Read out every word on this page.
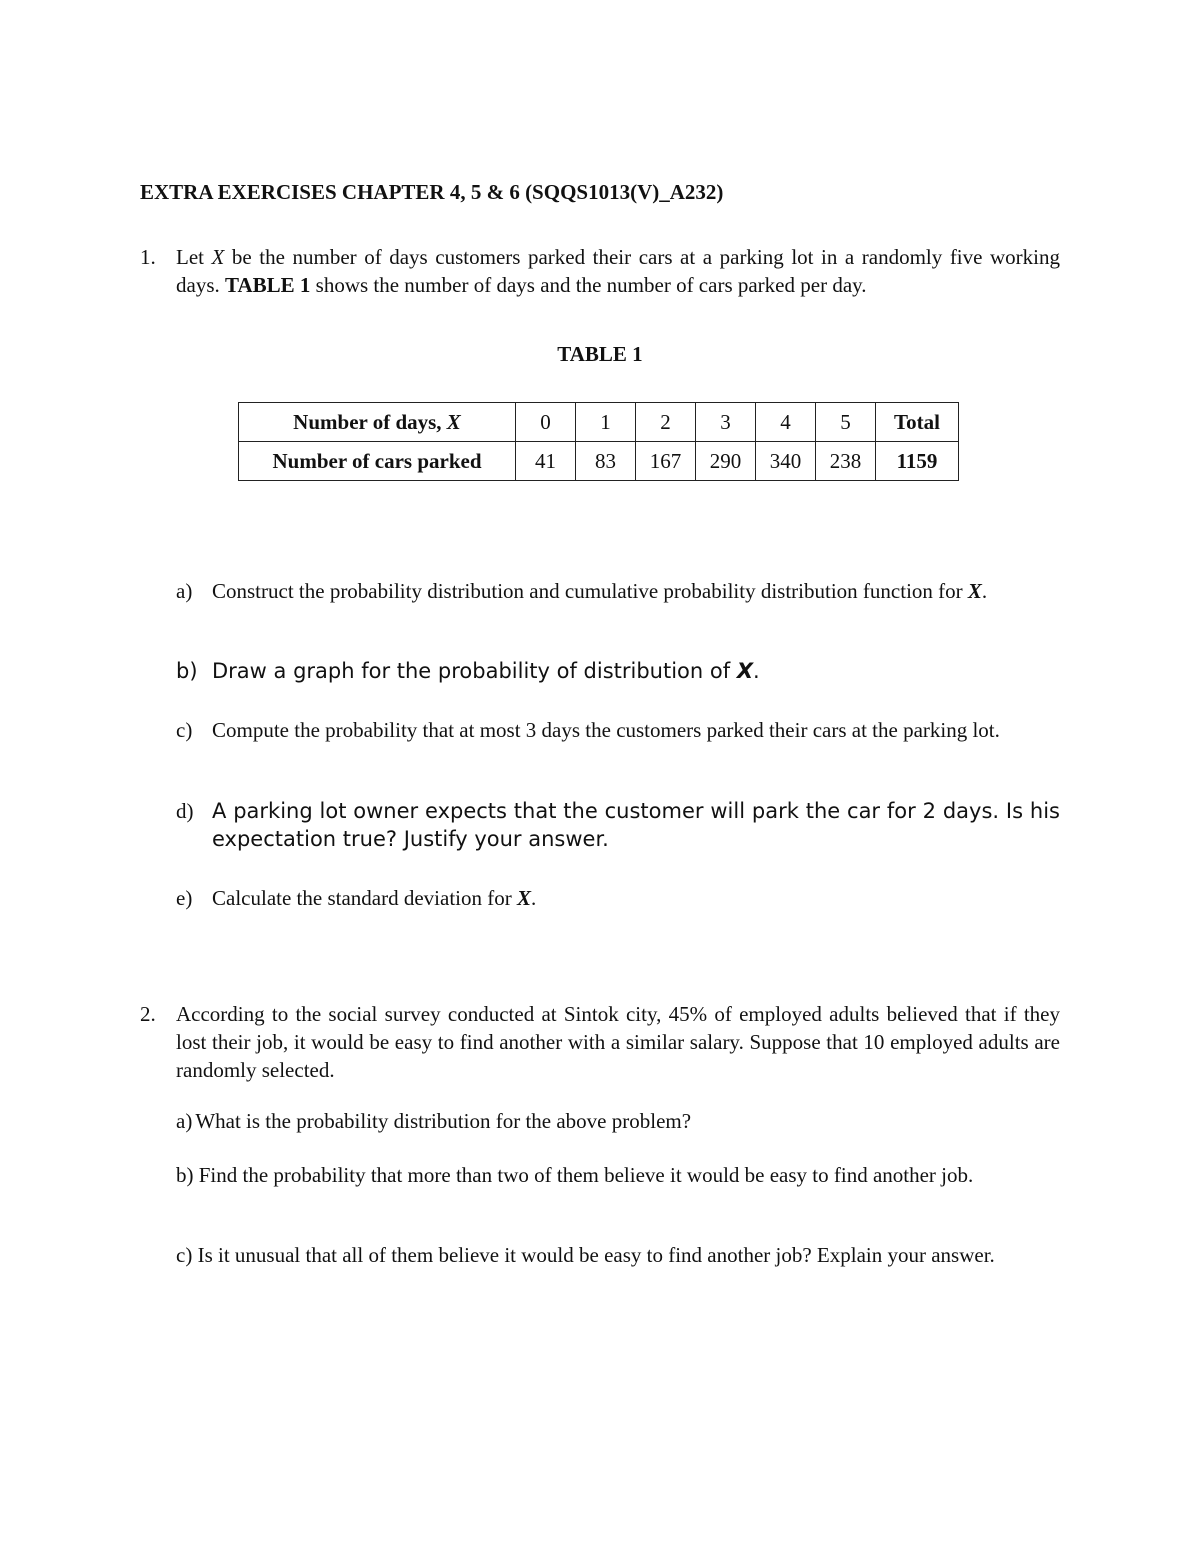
EXTRA EXERCISES CHAPTER 4, 5 & 6 (SQQS1013(V)_A232)
1. Let X be the number of days customers parked their cars at a parking lot in a randomly five working days. TABLE 1 shows the number of days and the number of cars parked per day.
TABLE 1
Number of days, X	0	1	2	3	4	5	Total
Number of cars parked	41	83	167	290	340	238	1159
a) Construct the probability distribution and cumulative probability distribution function for X.
b) Draw a graph for the probability of distribution of X.
c) Compute the probability that at most 3 days the customers parked their cars at the parking lot.
d) A parking lot owner expects that the customer will park the car for 2 days. Is his expectation true? Justify your answer.
e) Calculate the standard deviation for X.
2. According to the social survey conducted at Sintok city, 45% of employed adults believed that if they lost their job, it would be easy to find another with a similar salary. Suppose that 10 employed adults are randomly selected.
a) What is the probability distribution for the above problem?
b) Find the probability that more than two of them believe it would be easy to find another job.
c) Is it unusual that all of them believe it would be easy to find another job? Explain your answer.
